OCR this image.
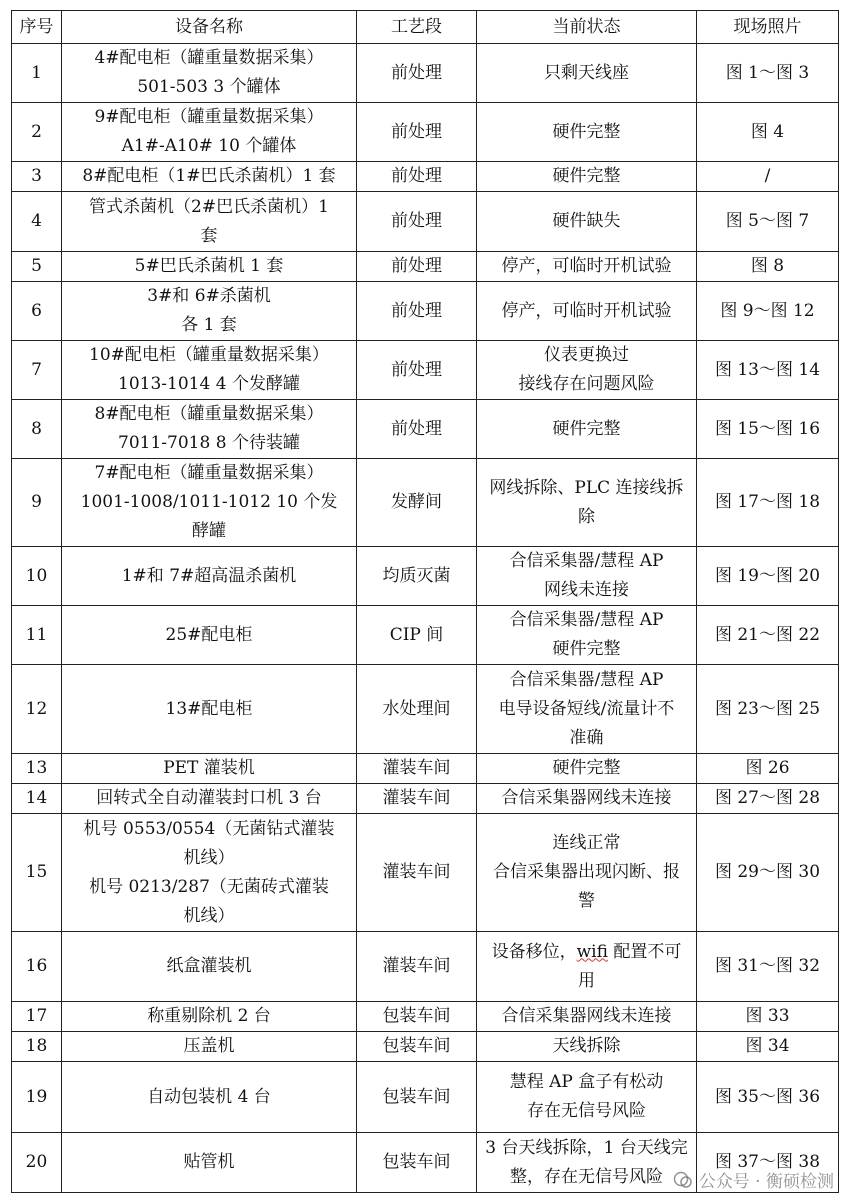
序号	设备名称	工艺段	当前状态	现场照片
1	4#配电柜（罐重量数据采集）
501-503 3 个罐体	前处理	只剩天线座	图 1～图 3
2	9#配电柜（罐重量数据采集）
A1#-A10# 10 个罐体	前处理	硬件完整	图 4
3	8#配电柜（1#巴氏杀菌机）1 套	前处理	硬件完整	/
4	管式杀菌机（2#巴氏杀菌机）1
套	前处理	硬件缺失	图 5～图 7
5	5#巴氏杀菌机 1 套	前处理	停产，可临时开机试验	图 8
6	3#和 6#杀菌机
各 1 套	前处理	停产，可临时开机试验	图 9～图 12
7	10#配电柜（罐重量数据采集）
1013-1014 4 个发酵罐	前处理	仪表更换过
接线存在问题风险	图 13～图 14
8	8#配电柜（罐重量数据采集）
7011-7018 8 个待装罐	前处理	硬件完整	图 15～图 16
9	7#配电柜（罐重量数据采集）
1001-1008/1011-1012 10 个发
酵罐	发酵间	网线拆除、PLC 连接线拆
除	图 17～图 18
10	1#和 7#超高温杀菌机	均质灭菌	合信采集器/慧程 AP
网线未连接	图 19～图 20
11	25#配电柜	CIP 间	合信采集器/慧程 AP
硬件完整	图 21～图 22
12	13#配电柜	水处理间	合信采集器/慧程 AP
电导设备短线/流量计不
准确	图 23～图 25
13	PET 灌装机	灌装车间	硬件完整	图 26
14	回转式全自动灌装封口机 3 台	灌装车间	合信采集器网线未连接	图 27～图 28
15	机号 0553/0554（无菌钻式灌装
机线）
机号 0213/287（无菌砖式灌装
机线）	灌装车间	连线正常
合信采集器出现闪断、报
警	图 29～图 30
16	纸盒灌装机	灌装车间	设备移位，wifi 配置不可
用	图 31～图 32
17	称重剔除机 2 台	包装车间	合信采集器网线未连接	图 33
18	压盖机	包装车间	天线拆除	图 34
19	自动包装机 4 台	包装车间	慧程 AP 盒子有松动
存在无信号风险	图 35～图 36
20	贴管机	包装车间	3 台天线拆除，1 台天线完
整，存在无信号风险	图 37～图 38
公众号 · 衡硕检测
